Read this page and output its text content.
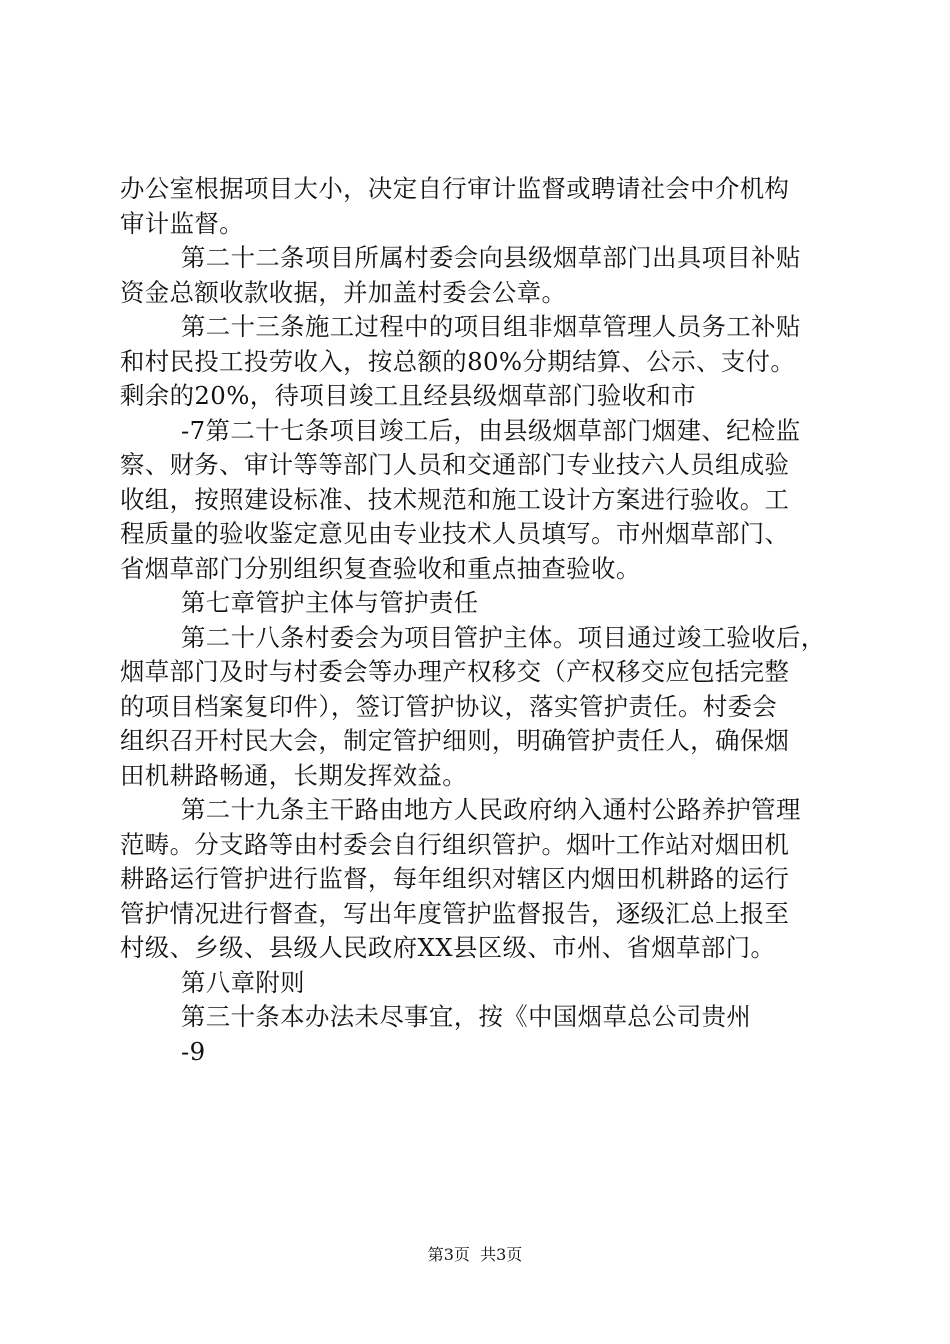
办公室根据项目大小，决定自行审计监督或聘请社会中介机构
审计监督。
第二十二条项目所属村委会向县级烟草部门出具项目补贴
资金总额收款收据，并加盖村委会公章。
第二十三条施工过程中的项目组非烟草管理人员务工补贴
和村民投工投劳收入，按总额的80%分期结算、公示、支付。
剩余的20%，待项目竣工且经县级烟草部门验收和市
-7第二十七条项目竣工后，由县级烟草部门烟建、纪检监
察、财务、审计等等部门人员和交通部门专业技六人员组成验
收组，按照建设标准、技术规范和施工设计方案进行验收。工
程质量的验收鉴定意见由专业技术人员填写。市州烟草部门、
省烟草部门分别组织复查验收和重点抽查验收。
第七章管护主体与管护责任
第二十八条村委会为项目管护主体。项目通过竣工验收后，
烟草部门及时与村委会等办理产权移交（产权移交应包括完整
的项目档案复印件），签订管护协议，落实管护责任。村委会
组织召开村民大会，制定管护细则，明确管护责任人，确保烟
田机耕路畅通，长期发挥效益。
第二十九条主干路由地方人民政府纳入通村公路养护管理
范畴。分支路等由村委会自行组织管护。烟叶工作站对烟田机
耕路运行管护进行监督，每年组织对辖区内烟田机耕路的运行
管护情况进行督查，写出年度管护监督报告，逐级汇总上报至
村级、乡级、县级人民政府XX县区级、市州、省烟草部门。
第八章附则
第三十条本办法未尽事宜，按《中国烟草总公司贵州
-9
第3页  共3页
